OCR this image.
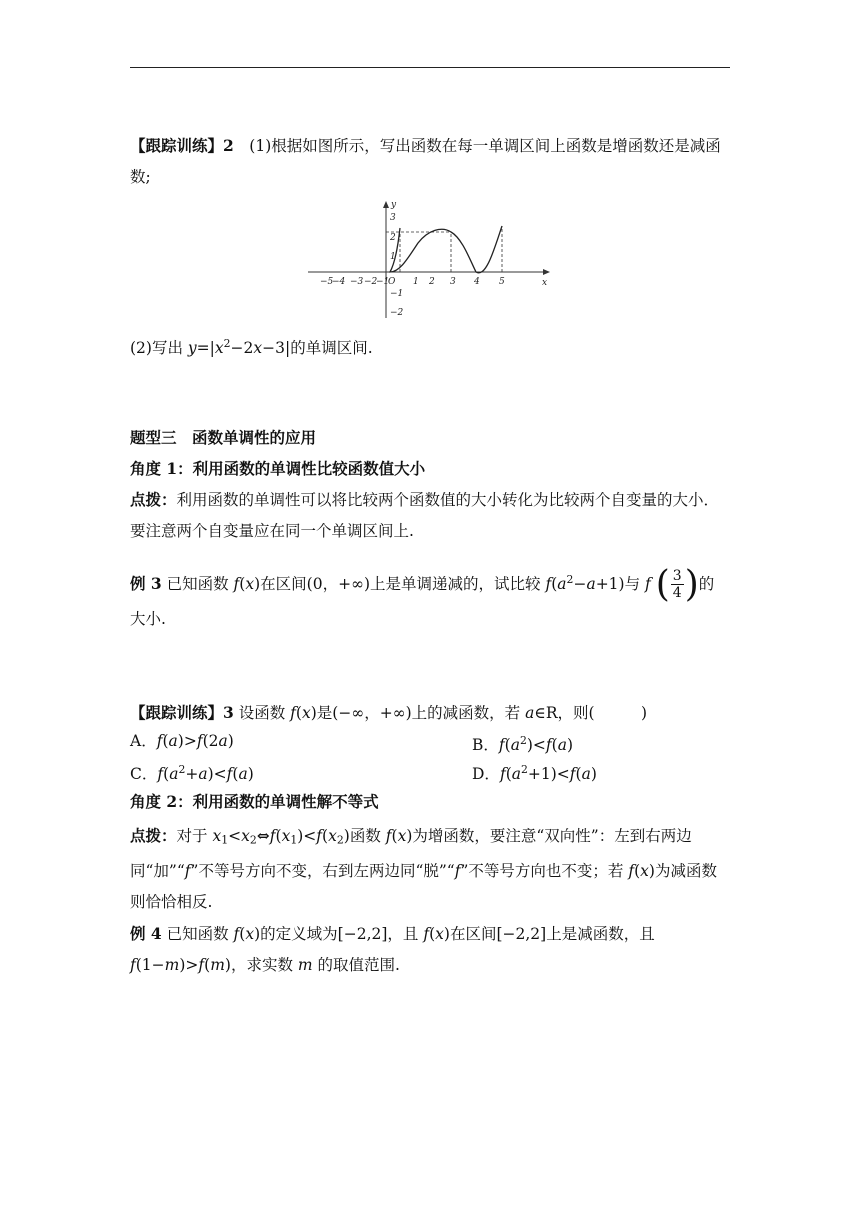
【跟踪训练】2　(1)根据如图所示，写出函数在每一单调区间上函数是增函数还是减函数;
−5
−4 −3 −2
−1	1 2 3 4 5
3
2
1
−1
−2
O	x
y
(2)写出 $y=|x^2-2x-3|$的单调区间.
题型三　函数单调性的应用
角度 1：利用函数的单调性比较函数值大小
点拨：利用函数的单调性可以将比较两个函数值的大小转化为比较两个自变量的大小．要注意两个自变量应在同一个单调区间上.
例 3 已知函数 f(x)在区间(0，+∞)上是单调递减的，试比较 $f(a^2-a+1)$与 f ( $\frac{3}{4}$ )的
大小.
【跟踪训练】3 设函数 f(x)是(−∞，+∞)上的减函数，若 a∈R，则(　　　)
A．f(a)>f(2a)	B．$f(a^2)<f(a)$
C．$f(a^2+a)<f(a)$	D．$f(a^2+1)<f(a)$
角度 2：利用函数的单调性解不等式
点拨：对于 $x_1<x_2\Leftrightarrow f(x_1)<f(x_2)$函数 f(x)为增函数，要注意“双向性”：左到右两边同“加”“f”不等号方向不变，右到左两边同“脱”“f”不等号方向也不变；若 f(x)为减函数则恰恰相反.
例 4 已知函数 f(x)的定义域为[−2,2]，且 f(x)在区间[−2,2]上是减函数，且 f(1−m)>f(m)，求实数 m 的取值范围.
